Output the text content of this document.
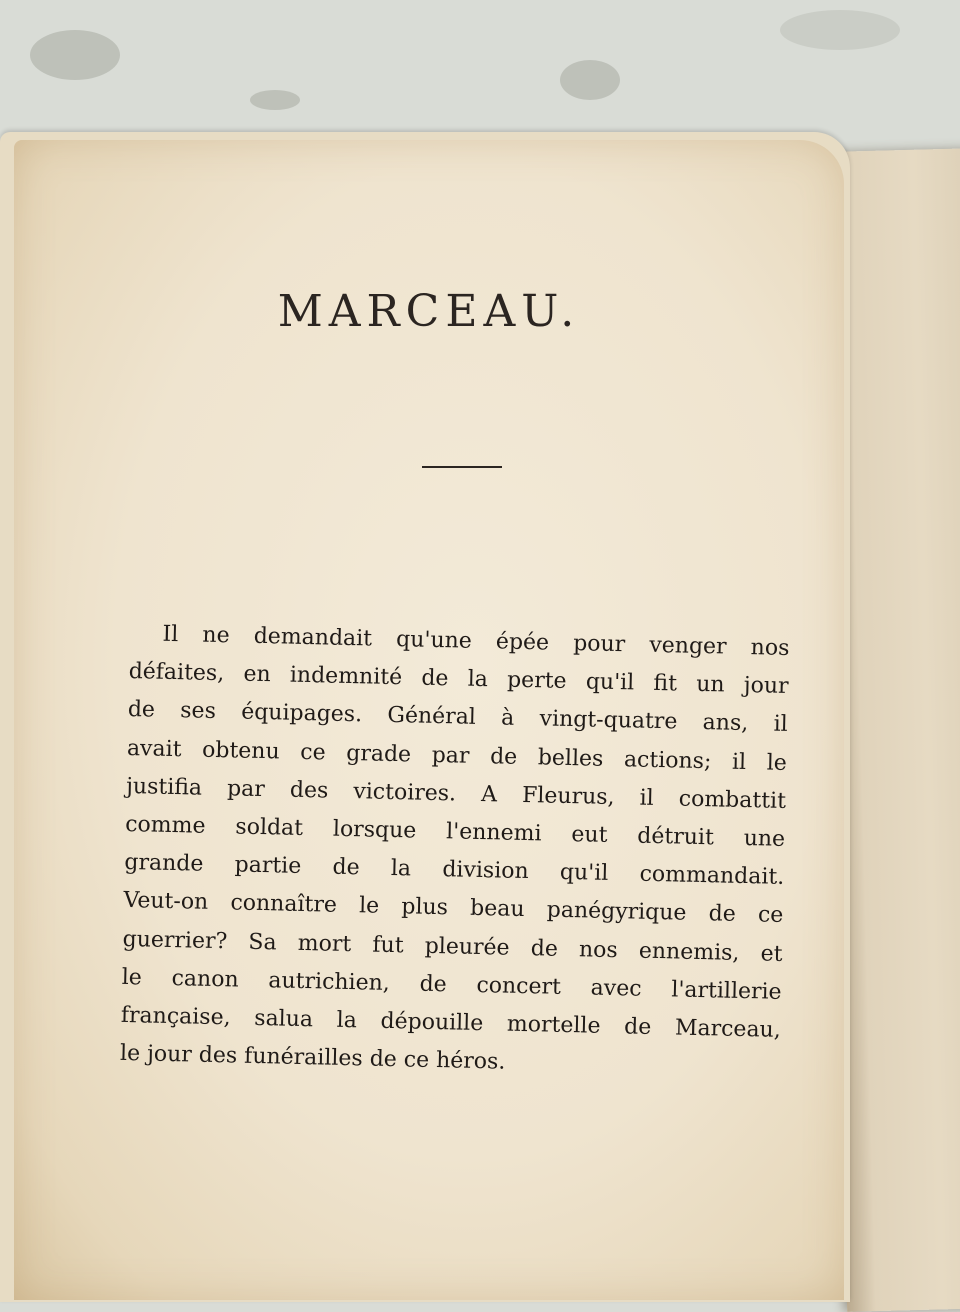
MARCEAU.
Il ne demandait qu'une épée pour venger nos
défaites, en indemnité de la perte qu'il fit un jour
de ses équipages. Général à vingt-quatre ans, il
avait obtenu ce grade par de belles actions; il le
justifia par des victoires. A Fleurus, il combattit
comme soldat lorsque l'ennemi eut détruit une
grande partie de la division qu'il commandait.
Veut-on connaître le plus beau panégyrique de ce
guerrier? Sa mort fut pleurée de nos ennemis, et
le canon autrichien, de concert avec l'artillerie
française, salua la dépouille mortelle de Marceau,
le jour des funérailles de ce héros.
